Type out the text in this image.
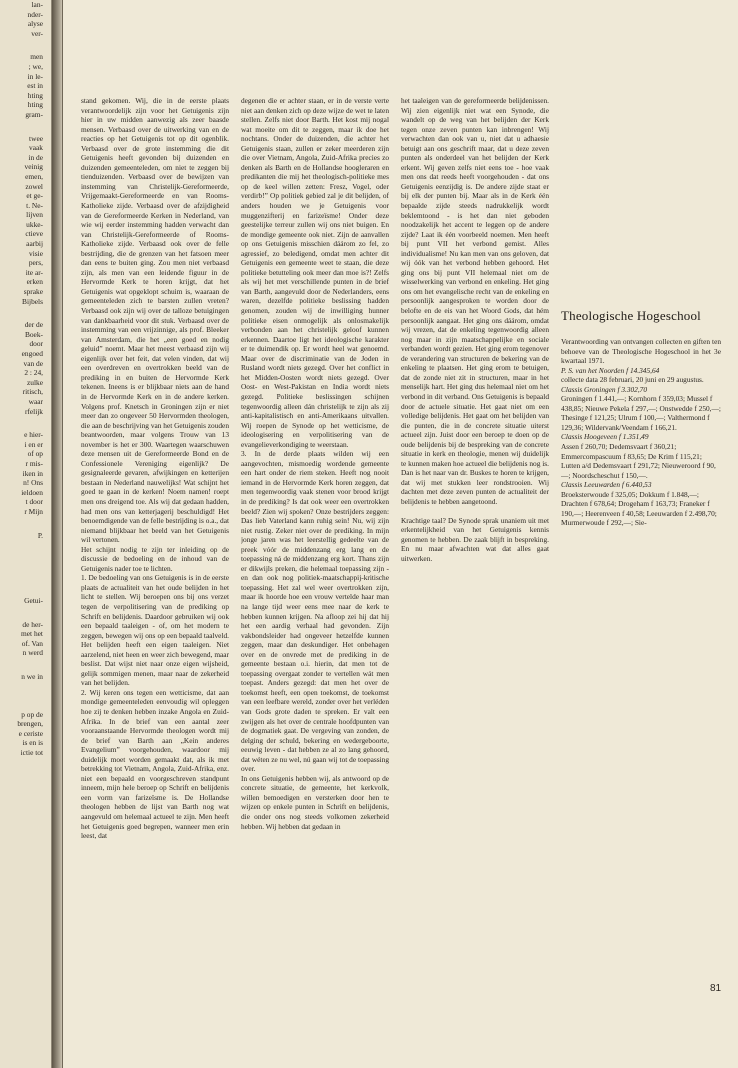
lan-
nder-
alyse
ver-
men
; we,
in le-
est in
hting
hting
gram-
twee
vaak
in de
veinig
emen,
zowel
et ge-
t. Ne-
lijven
ukke-
ctieve
aarbij
visie
pers,
ite ar-
erken
sprake
Bijbels
der de
Boek-
door
engoed
van de
2 : 24,
zulke
ritisch,
waar
rfelijk
e hier-
i en er
of op
r mis-
iken in
n! Ons
ieldoen
t door
r Mijn
P.
Getui-
de her-
met het
of. Van
n werd
n we in
p op de
brengen,
e ceriste
is en is
ictie tot

stand gekomen. Wij, die in de eerste plaats verantwoordelijk zijn voor het Getuigenis zijn hier in uw midden aanwezig als zeer baasde mensen. Verbaasd over de uitwerking van en de reacties op het Getuigenis tot op dit ogenblik. Verbaasd over de grote instemming die dit Getuigenis heeft gevonden bij duizenden en duizenden gemeenteleden, om niet te zeggen bij tienduizenden. Verbaasd over de bewijzen van instemming van Christelijk-Gereformeerde, Vrijgemaakt-Gereformeerde en van Rooms-Katholieke zijde. Verbaasd over de afzijdigheid van de Gereformeerde Kerken in Nederland, van wie wij eerder instemming hadden verwacht dan van Christelijk-Gereformeerde of Rooms-Katholieke zijde. Verbaasd ook over de felle bestrijding, die de grenzen van het fatsoen meer dan eens te buiten ging. Zou men niet verbaasd zijn, als men van een leidende figuur in de Hervormde Kerk te horen krijgt, dat het Getuigenis wat opgeklopt schuim is, waaraan de gemeenteleden zich te barsten zullen vreten? Verbaasd ook zijn wij over de talloze betuigingen van dankbaarheid voor dit stuk. Verbaasd over de instemming van een vrijzinnige, als prof. Bleeker van Amsterdam, die het „een goed en nodig geluid” noemt. Maar het meest verbaasd zijn wij eigenlijk over het feit, dat velen vinden, dat wij een overdreven en overtrokken beeld van de prediking in en buiten de Hervormde Kerk tekenen. Ineens is er blijkbaar niets aan de hand in de Hervormde Kerk en in de andere kerken. Volgens prof. Knetsch in Groningen zijn er niet meer dan zo ongeveer 50 Hervormden theologen, die aan de beschrijving van het Getuigenis zouden beantwoorden, maar volgens Trouw van 13 november is het er 300. Waartegen waarschuwen deze mensen uit de Gereformeerde Bond en de Confessionele Vereniging eigenlijk? De gesignaleerde gevaren, afwijkingen en ketterijen bestaan in Nederland nauwelijks! Wat schijnt het goed te gaan in de kerken! Noem namen! roept men ons dreigend toe. Als wij dat gedaan hadden, had men ons van ketterjagerij beschuldigd! Het benoemdigende van de felle bestrijding is o.a., dat niemand blijkbaar het beeld van het Getuigenis wil vertonen.

Het schijnt nodig te zijn ter inleiding op de discussie de bedoeling en de inhoud van de Getuigenis nader toe te lichten.

1. De bedoeling van ons Getuigenis is in de eerste plaats de actualiteit van het oude belijden in het licht te stellen. Wij beroepen ons bij ons verzet tegen de verpolitisering van de prediking op Schrift en belijdenis. Daardoor gebruiken wij ook een bepaald taaleigen - of, om het modern te zeggen, bewegen wij ons op een bepaald taalveld. Het belijden heeft een eigen taaleigen. Niet aarzelend, niet heen en weer zich bewegend, maar beslist. Dat wijst niet naar onze eigen wijsheid, gelijk sommigen menen, maar naar de zekerheid van het belijden.

2. Wij keren ons tegen een wetticisme, dat aan mondige gemeenteleden eenvoudig wil opleggen hoe zij te denken hebben inzake Angola en Zuid-Afrika. In de brief van een aantal zeer vooraanstaande Hervormde theologen wordt mij de brief van Barth aan „Kein anderes Evangelium” voorgehouden, waardoor mij duidelijk moet worden gemaakt dat, als ik met betrekking tot Vietnam, Angola, Zuid-Afrika, enz. niet een bepaald en voorgeschreven standpunt inneem, mijn hele beroep op Schrift en belijdenis een vorm van farizeïsme is. De Hollandse theologen hebben de lijst van Barth nog wat aangevuld om helemaal actueel te zijn. Men heeft het Getuigenis goed begrepen, wanneer men erin leest, dat

degenen die er achter staan, er in de verste verte niet aan denken zich op deze wijze de wet te laten stellen. Zelfs niet door Barth. Het kost mij nogal wat moeite om dit te zeggen, maar ik doe het nochtans. Onder de duizenden, die achter het Getuigenis staan, zullen er zeker meerderen zijn die over Vietnam, Angola, Zuid-Afrika precies zo denken als Barth en de Hollandse hoogleraren en predikanten die mij het theologisch-politieke mes op de keel willen zetten: Fresz, Vogel, oder verdirb!” Op politiek gebied zal je dit belijden, of anders houden we je Getuigenis voor muggenzifterij en farizeïsme! Onder deze geestelijke terreur zullen wij ons niet buigen. En de mondige gemeente ook niet. Zijn de aanvallen op ons Getuigenis misschien dáárom zo fel, zo agressief, zo beledigend, omdat men achter dit Getuigenis een gemeente weet te staan, die deze politieke betutteling ook meer dan moe is?! Zelfs als wij het met verschillende punten in de brief van Barth, aangevuld door de Nederlanders, eens waren, dezelfde politieke beslissing hadden genomen, zouden wij de inwilliging hunner politieke eisen onmogelijk als onlosmakelijk verbonden aan het christelijk geloof kunnen erkennen. Daartoe ligt het ideologische karakter er te duimendik op. Er wordt heel wat genoemd. Maar over de discriminatie van de Joden in Rusland wordt niets gezegd. Over het conflict in het Midden-Oosten wordt niets gezegd. Over Oost- en West-Pakistan en India wordt niets gezegd. Politieke beslissingen schijnen tegenwoordig alleen dán christelijk te zijn als zij anti-kapitalistisch en anti-Amerikaans uitvallen. Wij roepen de Synode op het wetticisme, de ideologisering en verpolitisering van de evangelieverkondiging te weerstaan.

3. In de derde plaats wilden wij een aangevochten, mismoedig wordende gemeente een hart onder de riem steken. Heeft nog nooit iemand in de Hervormde Kerk horen zeggen, dat men tegenwoordig vaak stenen voor brood krijgt in de prediking? Is dat ook weer een overtrokken beeld? Zien wij spoken? Onze bestrijders zeggen: Das lieb Vaterland kann ruhig sein! Nu, wij zijn niet rustig. Zeker niet over de prediking. In mijn jonge jaren was het leerstellig gedeelte van de preek vóór de middenzang erg lang en de toepassing ná de middenzang erg kort. Thans zijn er dikwijls preken, die helemaal toepassing zijn - en dan ook nog politiek-maatschappij-kritische toepassing. Het zal wel weer overtrokken zijn, maar ik hoorde hoe een vrouw vertelde haar man na lange tijd weer eens mee naar de kerk te hebben kunnen krijgen. Na afloop zei hij dat hij het een aardig verhaal had gevonden. Zijn vakbondsleider had ongeveer hetzelfde kunnen zeggen, maar dan deskundiger. Het onbehagen over en de onvrede met de prediking in de gemeente bestaan o.i. hierin, dat men tot de toepassing overgaat zonder te vertellen wát men toepast. Anders gezegd: dat men het over de toekomst heeft, een open toekomst, de toekomst van een leefbare wereld, zonder over het verléden van Gods grote daden te spreken. Er valt een zwijgen als het over de centrale hoofdpunten van de dogmatiek gaat. De vergeving van zonden, de delging der schuld, bekering en wedergeboorte, eeuwig leven - dat hebben ze al zo lang gehoord, dat wéten ze nu wel, nú gaan wij tot de toepassing over.

In ons Getuigenis hebben wij, als antwoord op de concrete situatie, de gemeente, het kerkvolk, willen bemoedigen en versterken door hen te wijzen op enkele punten in Schrift en belijdenis, die onder ons nog steeds volkomen zekerheid hebben. Wij hebben dat gedaan in

het taaleigen van de gereformeerde belijdenissen. Wij zien eigenlijk niet wat een Synode, die wandelt op de weg van het belijden der Kerk tegen onze zeven punten kan inbrengen! Wij verwachten dan ook van u, niet dat u adhaesie betuigt aan ons geschrift maar, dat u deze zeven punten als onderdeel van het belijden der Kerk erkent. Wij geven zelfs niet eens toe - hoe vaak men ons dat reeds heeft voorgehouden - dat ons Getuigenis eenzijdig is. De andere zijde staat er bij elk der punten bij. Maar als in de Kerk één bepaalde zijde steeds nadrukkelijk wordt beklemtoond - is het dan niet geboden noodzakelijk het accent te leggen op de andere zijde? Laat ik één voorbeeld noemen. Men heeft bij punt VII het verbond gemist. Alles individualisme! Nu kan men van ons geloven, dat wij óók van het verbond hebben gehoord. Het ging ons bij punt VII helemaal niet om de wisselwerking van verbond en enkeling. Het ging ons om het evangelische recht van de enkeling en persoonlijk aangesproken te worden door de belofte en de eis van het Woord Gods, dat hém persoonlijk aangaat. Het ging ons dáárom, omdat wij vrezen, dat de enkeling tegenwoordig alleen nog maar in zijn maatschappelijke en sociale verbanden wordt gezien. Het ging erom tegenover de verandering van structuren de bekering van de enkeling te plaatsen. Het ging erom te betuigen, dat de zonde niet zit in structuren, maar in het menselijk hart. Het ging dus helemaal niet om het verbond in dit verband. Ons Getuigenis is bepaald door de actuele situatie. Het gaat niet om een volledige belijdenis. Het gaat om het belijden van die punten, die in de concrete situatie uiterst actueel zijn. Juist door een beroep te doen op de oude belijdenis bij de bespreking van de concrete situatie in kerk en theologie, menen wij duidelijk te kunnen maken hoe actueel die belijdenis nog is. Dan is het naar van dr. Buskes te horen te krijgen, dat wij met stukken leer rondstrooien. Wij dachten met deze zeven punten de actualiteit der belijdenis te hebben aangetoond.

Krachtige taal? De Synode sprak unaniem uit met erkentelijkheid van het Getuigenis kennis genomen te hebben. De zaak blijft in bespreking. En nu maar afwachten wat dat alles gaat uitwerken.

Theologische Hogeschool

Verantwoording van ontvangen collecten en giften ten behoeve van de Theologische Hogeschool in het 3e kwartaal 1971.

P. S. van het Noorden f 14.345,64

collecte data 28 februari, 20 juni en 29 augustus.

Classis Groningen f 3.302,70

Groningen f 1.441,—; Kornhorn f 359,03; Mussel f 438,85; Nieuwe Pekela f 297,—; Onstwedde f 250,—; Thesinge f 121,25; Ulrum f 100,—; Valthermond f 129,36; Wildervank/Veendam f 166,21.

Classis Hoogeveen f 1.351,49

Assen f 260,70; Dedemsvaart f 360,21; Emmercompascuum f 83,65; De Krim f 115,21; Lutten a/d Dedemsvaart f 291,72; Nieuweroord f 90,—; Noordscheschut f 150,—.

Classis Leeuwarden f 6.440,53

Broeksterwoude f 325,05; Dokkum f 1.848,—; Drachten f 678,64; Drogeham f 163,73; Franeker f 190,—; Heerenveen f 40,58; Leeuwarden f 2.498,70; Murmerwoude f 292,—; Sie-

81
